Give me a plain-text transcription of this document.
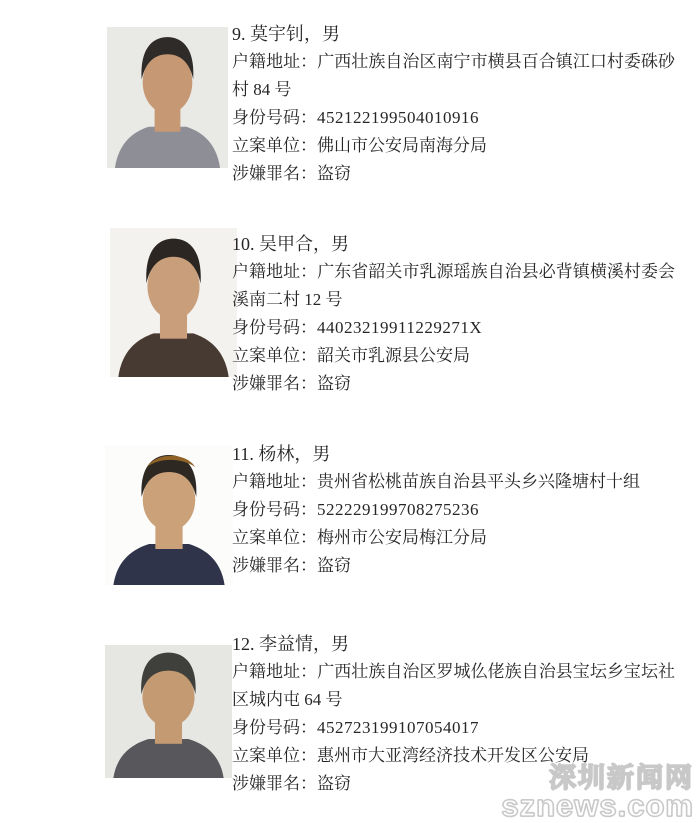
9. 莫宇钊，男

户籍地址：广西壮族自治区南宁市横县百合镇江口村委硃砂村 84 号

身份号码：452122199504010916

立案单位：佛山市公安局南海分局

涉嫌罪名：盗窃

10. 吴甲合，男

户籍地址：广东省韶关市乳源瑶族自治县必背镇横溪村委会溪南二村 12 号

身份号码：44023219911229271X

立案单位：韶关市乳源县公安局

涉嫌罪名：盗窃

11. 杨林，男

户籍地址：贵州省松桃苗族自治县平头乡兴隆塘村十组

身份号码：522229199708275236

立案单位：梅州市公安局梅江分局

涉嫌罪名：盗窃

12. 李益情，男

户籍地址：广西壮族自治区罗城仫佬族自治县宝坛乡宝坛社区城内屯 64 号

身份号码：452723199107054017

立案单位：惠州市大亚湾经济技术开发区公安局

涉嫌罪名：盗窃	深圳新闻网
sznews.com
